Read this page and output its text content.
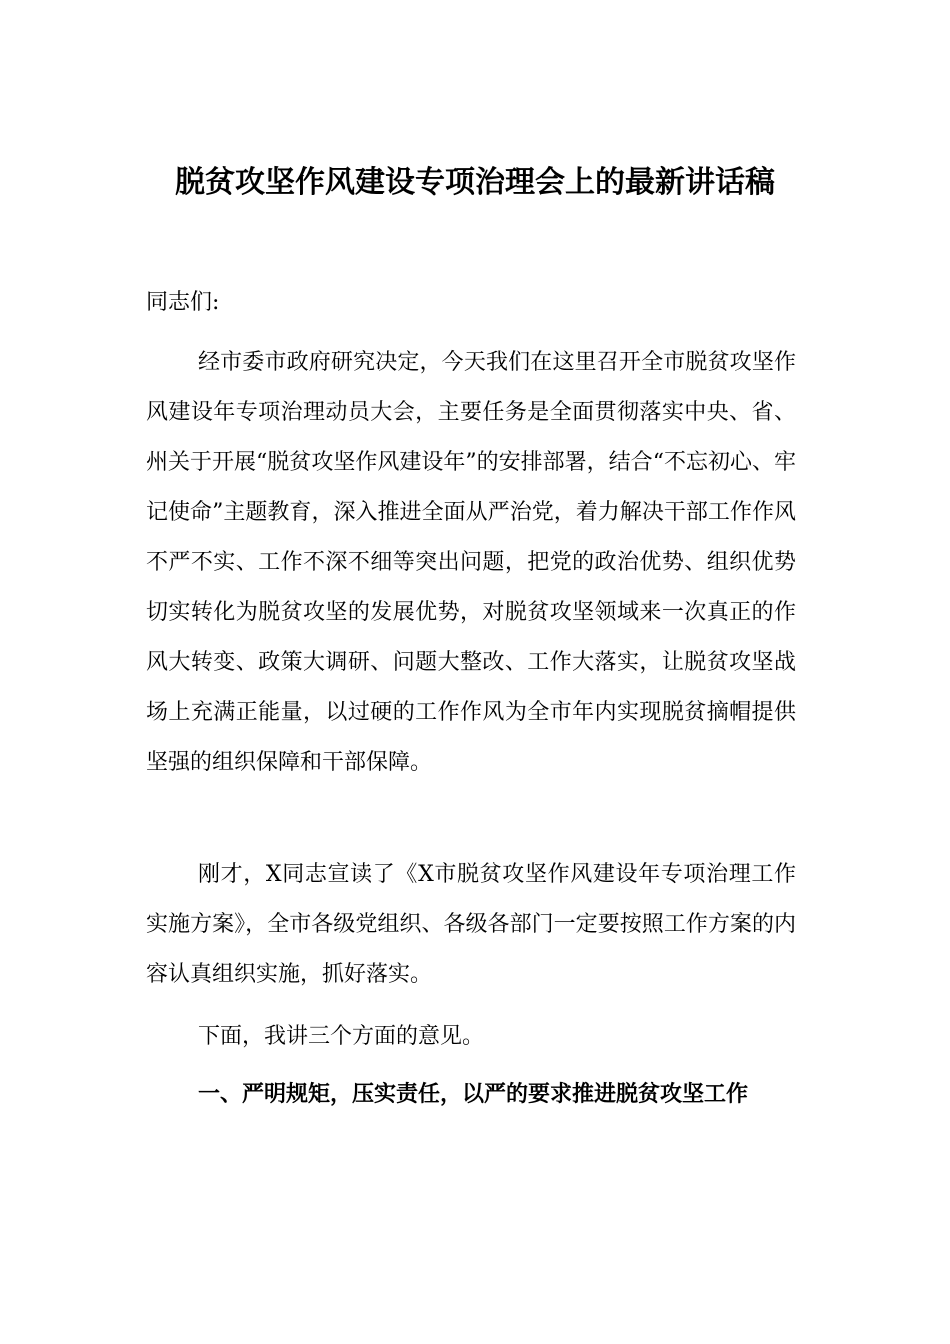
脱贫攻坚作风建设专项治理会上的最新讲话稿

同志们:

经市委市政府研究决定，今天我们在这里召开全市脱贫攻坚作风建设年专项治理动员大会，主要任务是全面贯彻落实中央、省、州关于开展“脱贫攻坚作风建设年”的安排部署，结合“不忘初心、牢记使命”主题教育，深入推进全面从严治党，着力解决干部工作作风不严不实、工作不深不细等突出问题，把党的政治优势、组织优势切实转化为脱贫攻坚的发展优势，对脱贫攻坚领域来一次真正的作风大转变、政策大调研、问题大整改、工作大落实，让脱贫攻坚战场上充满正能量，以过硬的工作作风为全市年内实现脱贫摘帽提供坚强的组织保障和干部保障。

刚才，X同志宣读了《X市脱贫攻坚作风建设年专项治理工作实施方案》，全市各级党组织、各级各部门一定要按照工作方案的内容认真组织实施，抓好落实。

下面，我讲三个方面的意见。

一、严明规矩，压实责任，以严的要求推进脱贫攻坚工作
